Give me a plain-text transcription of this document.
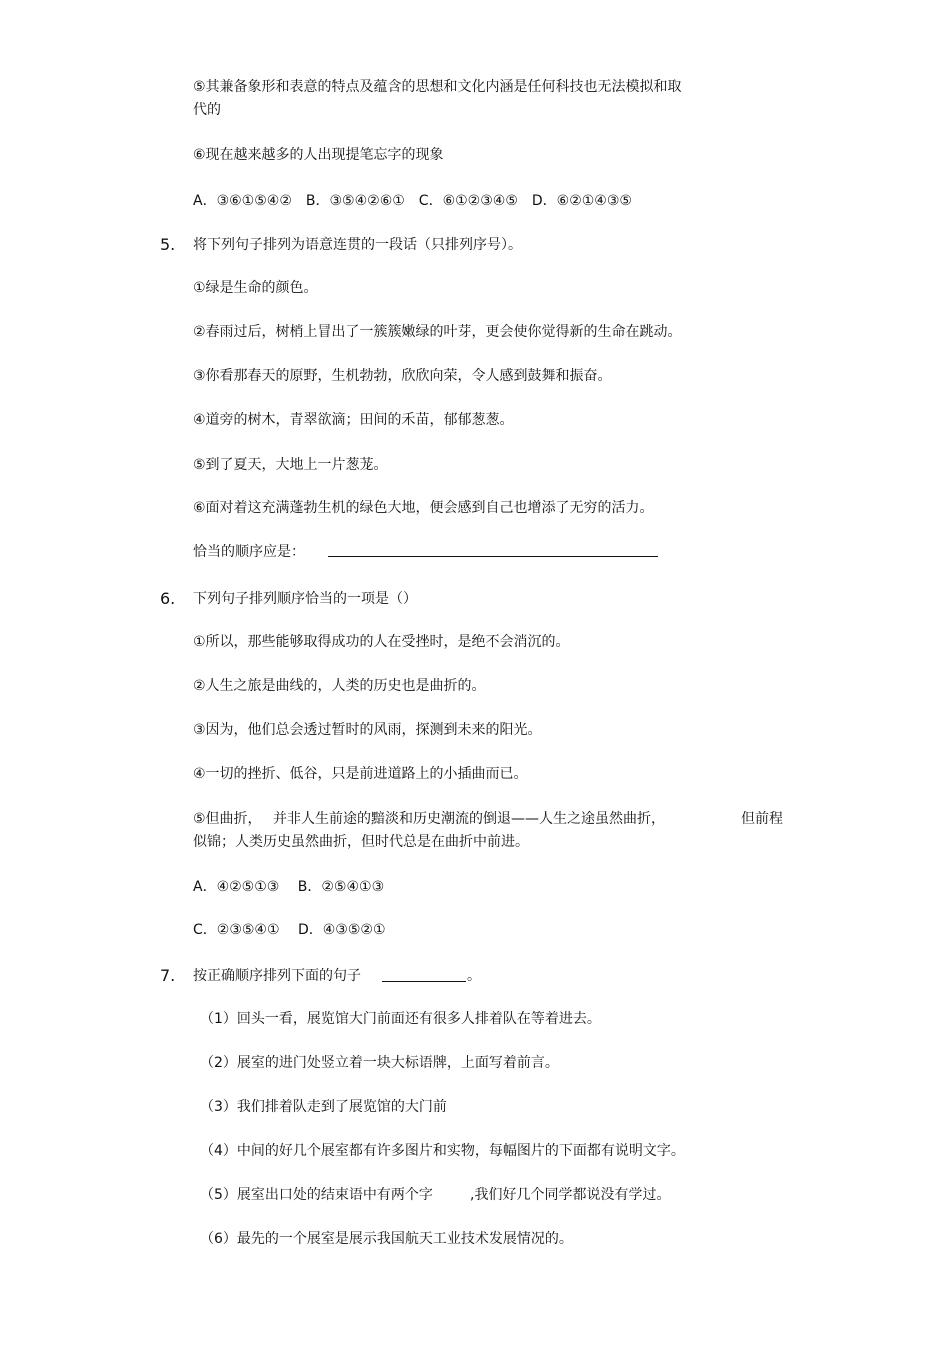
⑤其兼备象形和表意的特点及蕴含的思想和文化内涵是任何科技也无法模拟和取
代的
⑥现在越来越多的人出现提笔忘字的现象
A．③⑥①⑤④②　B．③⑤④②⑥①　C．⑥①②③④⑤　D．⑥②①④③⑤
5. 将下列句子排列为语意连贯的一段话（只排列序号）。
①绿是生命的颜色。
②春雨过后，树梢上冒出了一簇簇嫩绿的叶芽，更会使你觉得新的生命在跳动。
③你看那春天的原野，生机勃勃，欣欣向荣，令人感到鼓舞和振奋。
④道旁的树木，青翠欲滴；田间的禾苗，郁郁葱葱。
⑤到了夏天，大地上一片葱茏。
⑥面对着这充满蓬勃生机的绿色大地，便会感到自己也增添了无穷的活力。
恰当的顺序应是：
6. 下列句子排列顺序恰当的一项是（）
①所以，那些能够取得成功的人在受挫时，是绝不会消沉的。
②人生之旅是曲线的，人类的历史也是曲折的。
③因为，他们总会透过暂时的风雨，探测到未来的阳光。
④一切的挫折、低谷，只是前进道路上的小插曲而已。
⑤但曲折， 并非人生前途的黯淡和历史潮流的倒退——人生之途虽然曲折，	但前程
似锦；人类历史虽然曲折，但时代总是在曲折中前进。
A．④②⑤①③　 B．②⑤④①③
C．②③⑤④①　 D．④③⑤②①
7. 按正确顺序排列下面的句子	。
（1）回头一看，展览馆大门前面还有很多人排着队在等着进去。
（2）展室的进门处竖立着一块大标语牌，上面写着前言。
（3）我们排着队走到了展览馆的大门前
（4）中间的好几个展室都有许多图片和实物，每幅图片的下面都有说明文字。
（5）展室出口处的结束语中有两个字	,我们好几个同学都说没有学过。
（6）最先的一个展室是展示我国航天工业技术发展情况的。
